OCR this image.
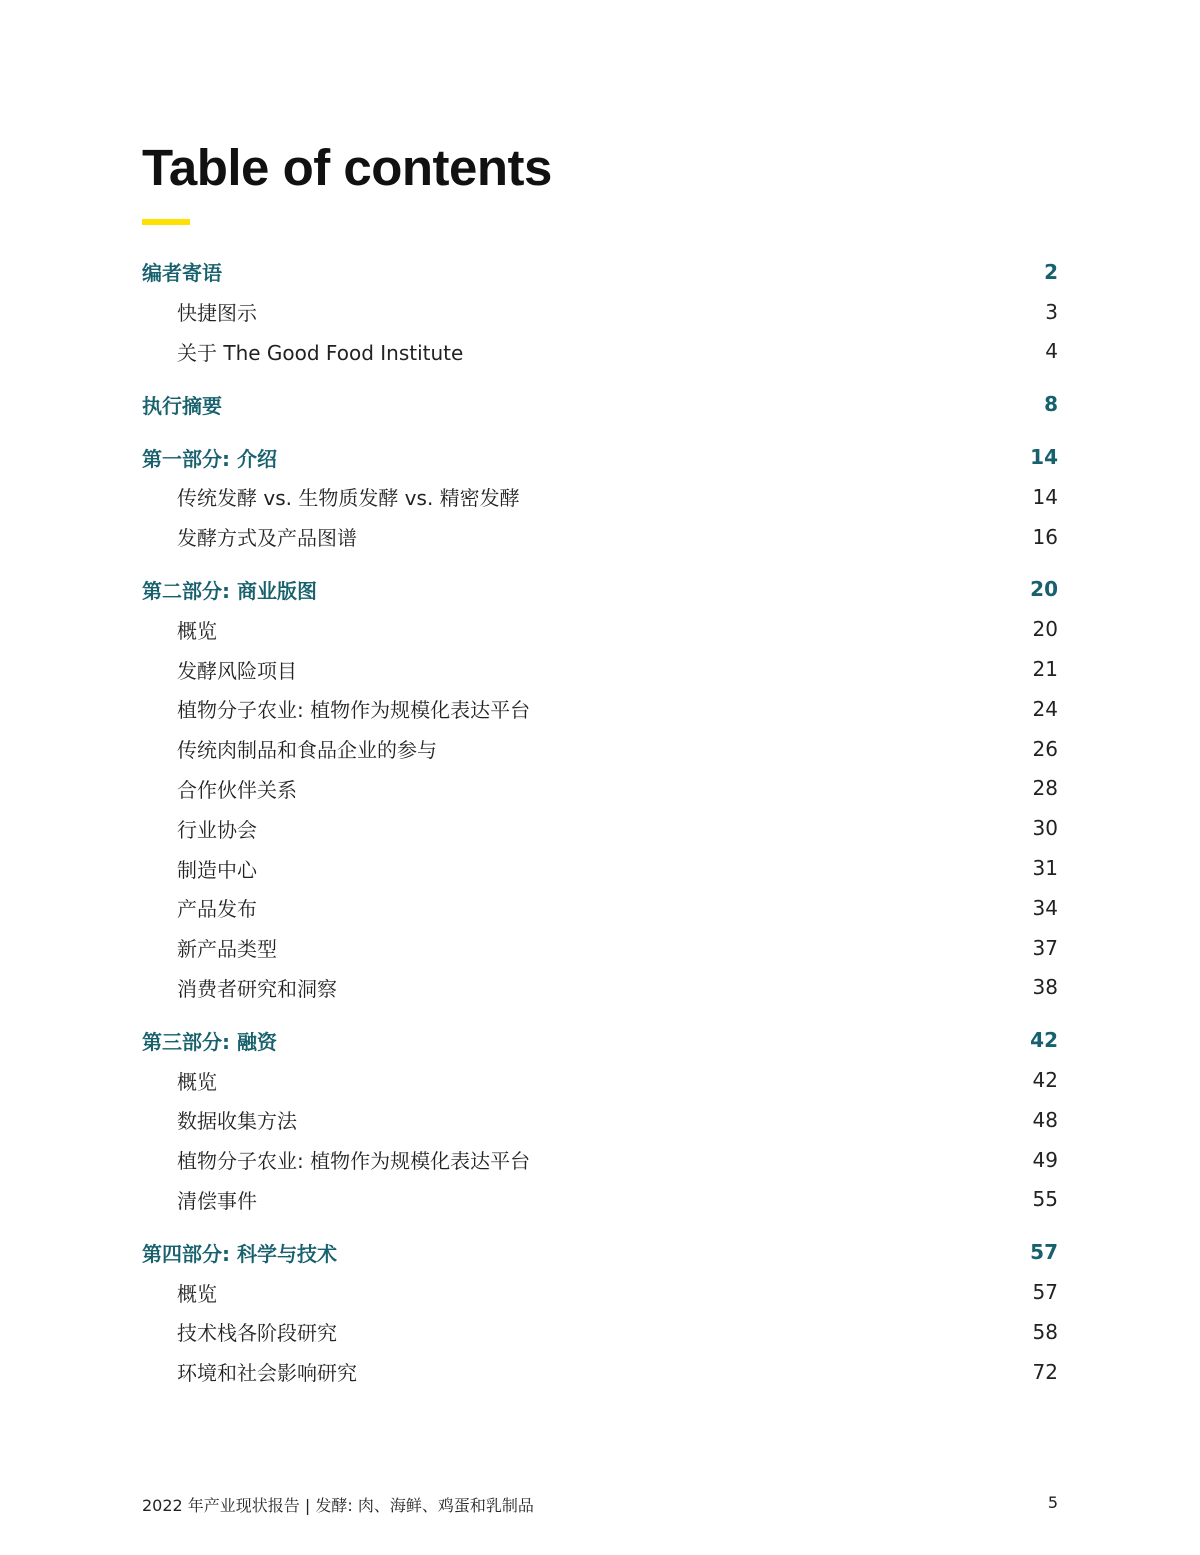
Table of contents
编者寄语	2
快捷图示	3
关于 The Good Food Institute	4
执行摘要	8
第一部分: 介绍	14
传统发酵 vs. 生物质发酵 vs. 精密发酵	14
发酵方式及产品图谱	16
第二部分: 商业版图	20
概览	20
发酵风险项目	21
植物分子农业: 植物作为规模化表达平台	24
传统肉制品和食品企业的参与	26
合作伙伴关系	28
行业协会	30
制造中心	31
产品发布	34
新产品类型	37
消费者研究和洞察	38
第三部分: 融资	42
概览	42
数据收集方法	48
植物分子农业: 植物作为规模化表达平台	49
清偿事件	55
第四部分: 科学与技术	57
概览	57
技术栈各阶段研究	58
环境和社会影响研究	72
2022 年产业现状报告 | 发酵: 肉、海鲜、鸡蛋和乳制品	5
